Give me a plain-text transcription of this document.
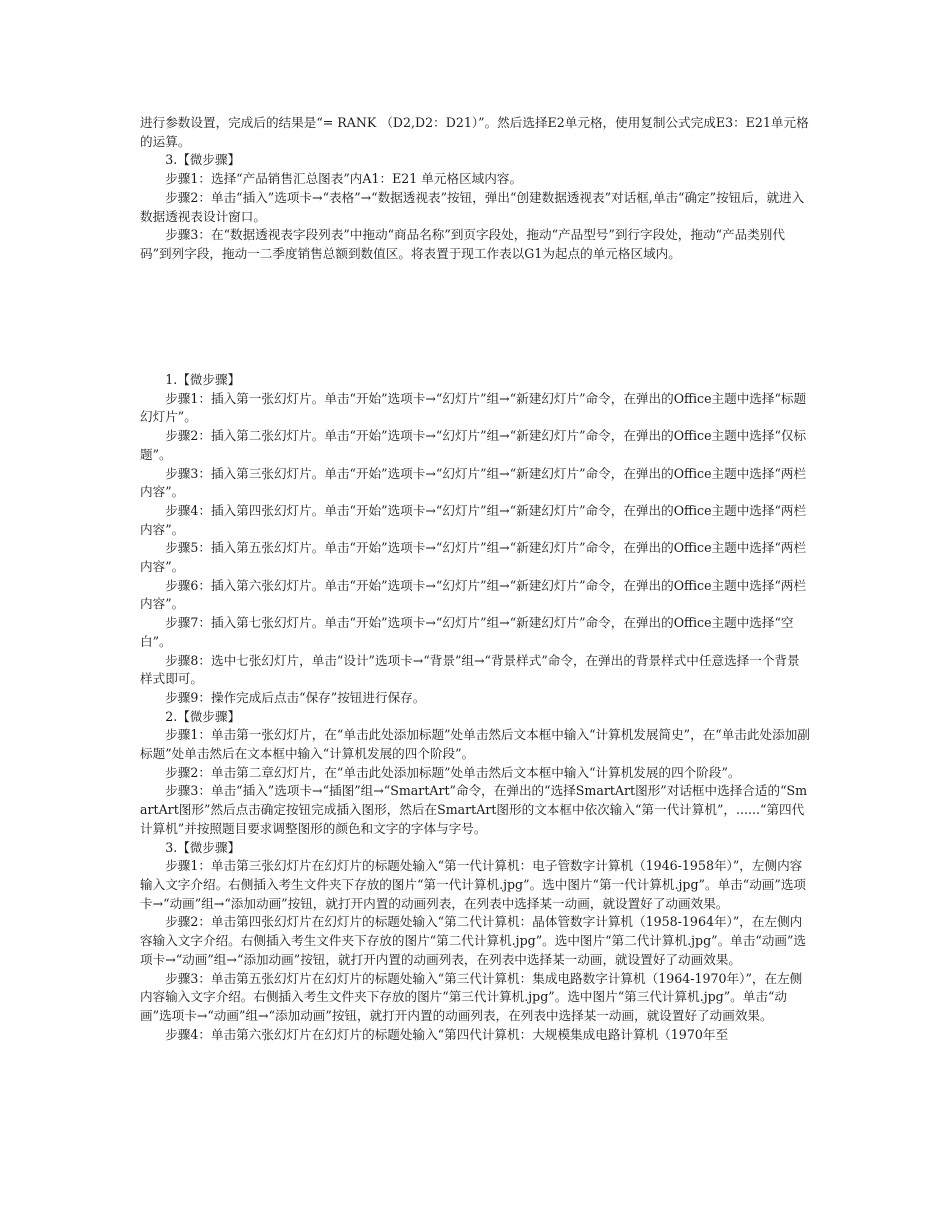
进行参数设置，完成后的结果是“= RANK （D2,D2：D21）”。然后选择E2单元格，使用复制公式完成E3：E21单元格的运算。

3.【微步骤】

步骤1：选择“产品销售汇总图表”内A1：E21 单元格区域内容。

步骤2：单击“插入”选项卡→“表格”→“数据透视表”按钮，弹出“创建数据透视表”对话框,单击“确定”按钮后，就进入数据透视表设计窗口。

步骤3：在“数据透视表字段列表”中拖动“商品名称”到页字段处，拖动“产品型号”到行字段处，拖动“产品类别代码”到列字段，拖动一二季度销售总额到数值区。将表置于现工作表以G1为起点的单元格区域内。

1.【微步骤】

步骤1：插入第一张幻灯片。单击“开始”选项卡→“幻灯片”组→“新建幻灯片”命令，在弹出的Office主题中选择“标题幻灯片”。

步骤2：插入第二张幻灯片。单击“开始”选项卡→“幻灯片”组→“新建幻灯片”命令，在弹出的Office主题中选择“仅标题”。

步骤3：插入第三张幻灯片。单击“开始”选项卡→“幻灯片”组→“新建幻灯片”命令，在弹出的Office主题中选择“两栏内容”。

步骤4：插入第四张幻灯片。单击“开始”选项卡→“幻灯片”组→“新建幻灯片”命令，在弹出的Office主题中选择“两栏内容”。

步骤5：插入第五张幻灯片。单击“开始”选项卡→“幻灯片”组→“新建幻灯片”命令，在弹出的Office主题中选择“两栏内容”。

步骤6：插入第六张幻灯片。单击“开始”选项卡→“幻灯片”组→“新建幻灯片”命令，在弹出的Office主题中选择“两栏内容”。

步骤7：插入第七张幻灯片。单击“开始”选项卡→“幻灯片”组→“新建幻灯片”命令，在弹出的Office主题中选择“空白”。

步骤8：选中七张幻灯片，单击“设计”选项卡→“背景”组→“背景样式”命令，在弹出的背景样式中任意选择一个背景样式即可。

步骤9：操作完成后点击“保存”按钮进行保存。

2.【微步骤】

步骤1：单击第一张幻灯片，在“单击此处添加标题”处单击然后文本框中输入“计算机发展简史”，在“单击此处添加副标题”处单击然后在文本框中输入“计算机发展的四个阶段”。

步骤2：单击第二章幻灯片，在“单击此处添加标题”处单击然后文本框中输入“计算机发展的四个阶段”。

步骤3：单击“插入”选项卡→“插图”组→“SmartArt”命令，在弹出的“选择SmartArt图形”对话框中选择合适的“SmartArt图形”然后点击确定按钮完成插入图形，然后在SmartArt图形的文本框中依次输入“第一代计算机”，......“第四代计算机”并按照题目要求调整图形的颜色和文字的字体与字号。

3.【微步骤】

步骤1：单击第三张幻灯片在幻灯片的标题处输入“第一代计算机：电子管数字计算机（1946-1958年）”，左侧内容输入文字介绍。右侧插入考生文件夹下存放的图片“第一代计算机.jpg”。选中图片“第一代计算机.jpg”。单击“动画”选项卡→“动画”组→“添加动画”按钮，就打开内置的动画列表，在列表中选择某一动画，就设置好了动画效果。

步骤2：单击第四张幻灯片在幻灯片的标题处输入“第二代计算机：晶体管数字计算机（1958-1964年）”，在左侧内容输入文字介绍。右侧插入考生文件夹下存放的图片“第二代计算机.jpg”。选中图片“第二代计算机.jpg”。单击“动画”选项卡→“动画”组→“添加动画”按钮，就打开内置的动画列表，在列表中选择某一动画，就设置好了动画效果。

步骤3：单击第五张幻灯片在幻灯片的标题处输入“第三代计算机：集成电路数字计算机（1964-1970年）”，在左侧内容输入文字介绍。右侧插入考生文件夹下存放的图片“第三代计算机.jpg”。选中图片“第三代计算机.jpg”。单击“动画”选项卡→“动画”组→“添加动画”按钮，就打开内置的动画列表，在列表中选择某一动画，就设置好了动画效果。

步骤4：单击第六张幻灯片在幻灯片的标题处输入“第四代计算机：大规模集成电路计算机（1970年至
